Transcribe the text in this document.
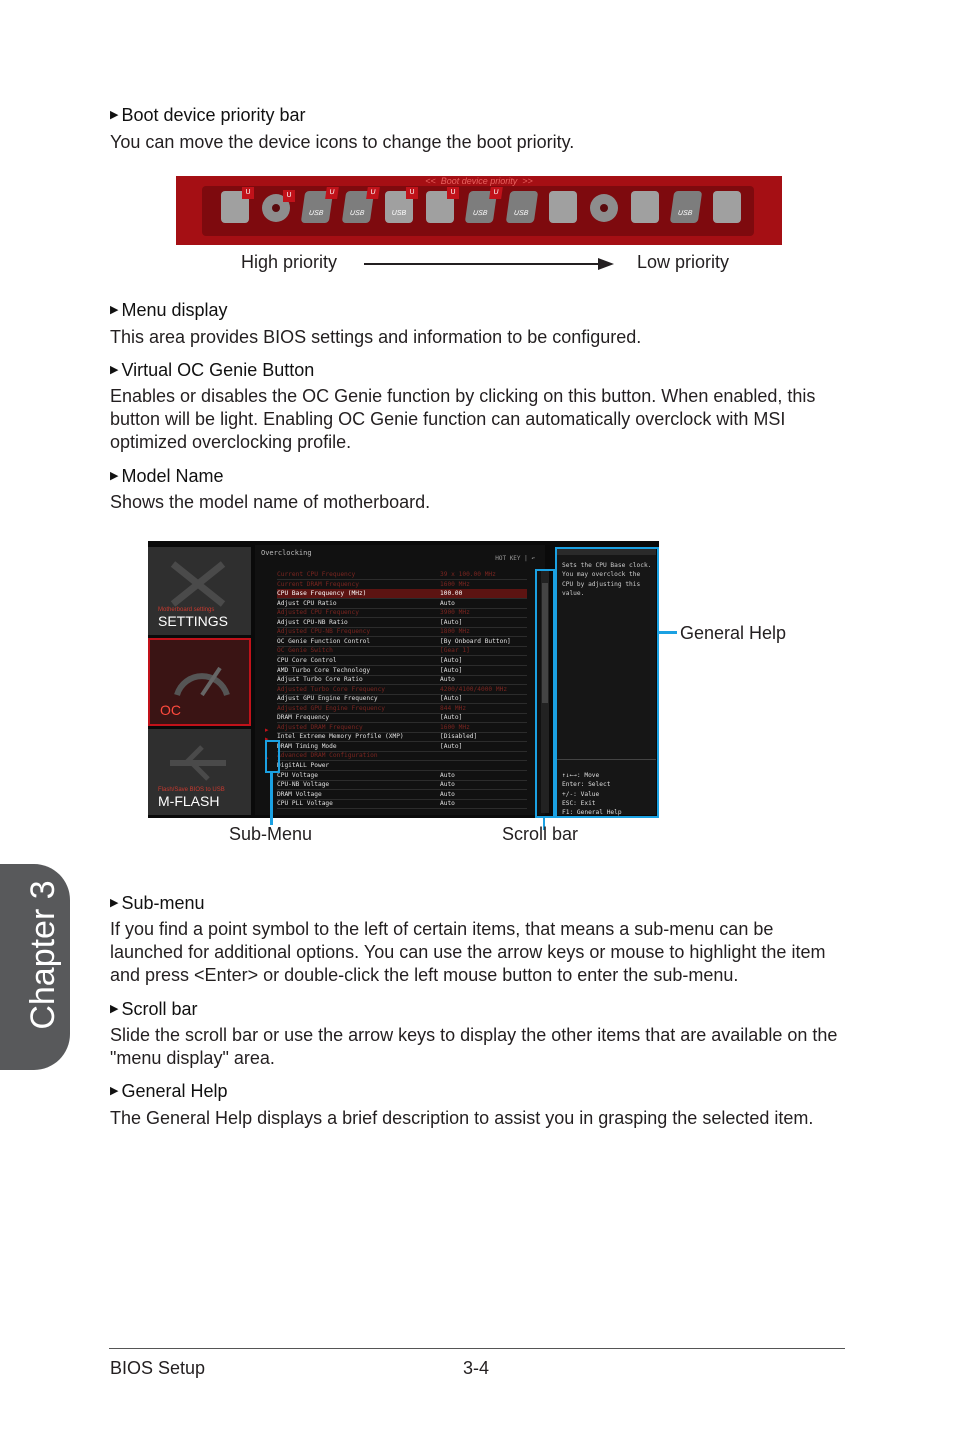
Chapter 3
▶ Boot device priority bar
You can move the device icons to change the boot priority.
<<  Boot device priority  >>
U	U
USB
U
USB
U
USB
U	U
USB
U
USB	USB
High priority	Low priority
▶ Menu display
This area provides BIOS settings and information to be configured.
▶ Virtual OC Genie Button
Enables or disables the OC Genie function by clicking on this button. When enabled, this button will be light. Enabling OC Genie function can automatically overclock with MSI optimized overclocking profile.
▶ Model Name
Shows the model name of motherboard.
Motherboard settings
SETTINGS
OC
Flash/Save BIOS to USB
M-FLASH
Overclocking
HOT KEY | ↶
Current CPU Frequency	39 x 100.00 MHz
Current DRAM Frequency	1600 MHz
CPU Base Frequency (MHz)	100.00
Adjust CPU Ratio	Auto
Adjusted CPU Frequency	3900 MHz
Adjust CPU-NB Ratio	[Auto]
Adjusted CPU-NB Frequency	1800 MHz
OC Genie Function Control	[By Onboard Button]
OC Genie Switch	[Gear 1]
CPU Core Control	[Auto]
AMD Turbo Core Technology	[Auto]
Adjust Turbo Core Ratio	Auto
Adjusted Turbo Core Frequency	4200/4100/4000 MHz
Adjust GPU Engine Frequency	[Auto]
Adjusted GPU Engine Frequency	844 MHz
DRAM Frequency	[Auto]
Adjusted DRAM Frequency	1600 MHz
Intel Extreme Memory Profile (XMP)	[Disabled]
DRAM Timing Mode	[Auto]
Advanced DRAM Configuration
DigitALL Power
CPU Voltage	Auto
CPU-NB Voltage	Auto
DRAM Voltage	Auto
CPU PLL Voltage	Auto
▸
▸
▸
Sets the CPU Base clock. You may overclock the CPU by adjusting this value.
↑↓←→: Move
Enter: Select
+/-: Value
ESC: Exit
F1: General Help
General Help
Sub-Menu	Scroll bar
▶ Sub-menu
If you find a point symbol to the left of certain items, that means a sub-menu can be launched for additional options. You can use the arrow keys or mouse to highlight the item and press <Enter> or double-click the left mouse button to enter the sub-menu.
▶ Scroll bar
Slide the scroll bar or use the arrow keys to display the other items that are available on the "menu display" area.
▶ General Help
The General Help displays a brief description to assist you in grasping the selected item.
BIOS Setup	3-4
